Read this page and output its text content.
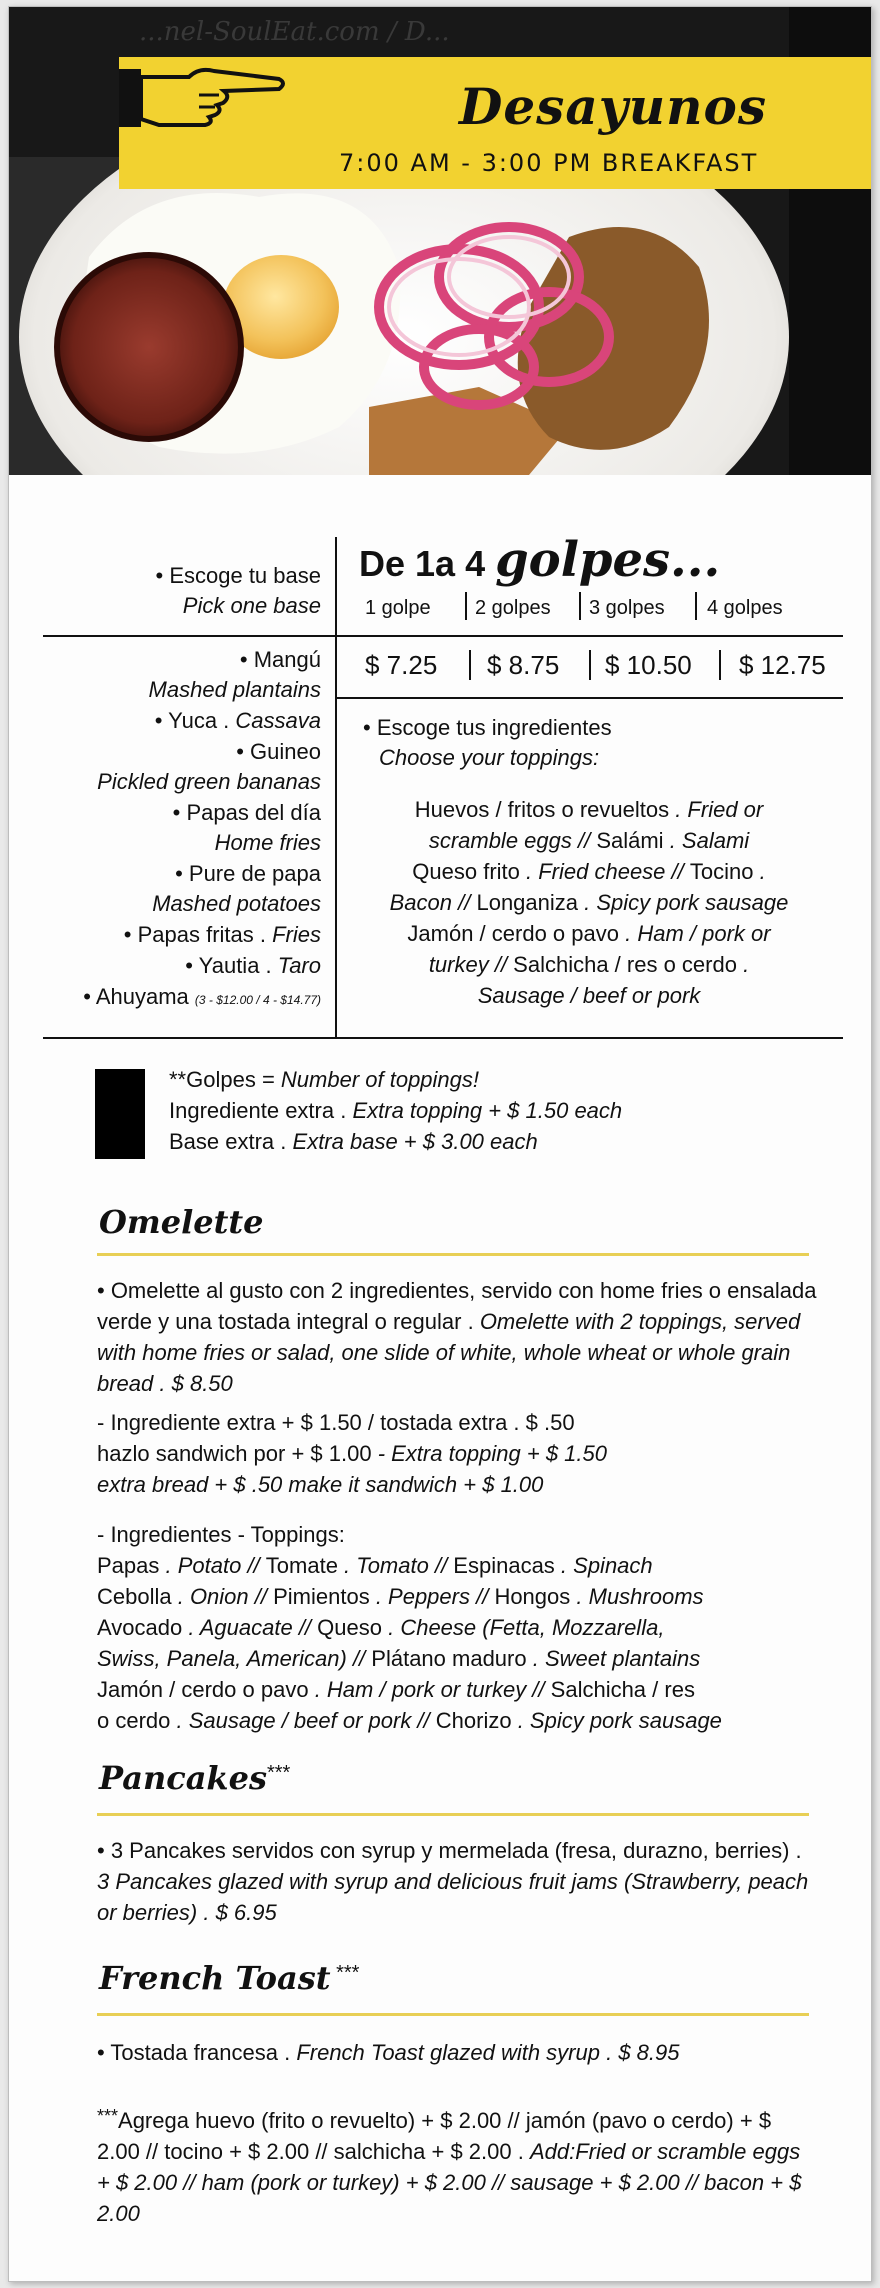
...nel-SoulEat.com / D...
Desayunos
7:00 AM - 3:00 PM BREAKFAST
• Escoge tu base
Pick one base
De 1a 4 golpes...
1 golpe 2 golpes 3 golpes 4 golpes
$ 7.25 $ 8.75 $ 10.50 $ 12.75
• Mangú
Mashed plantains
• Yuca . Cassava
• Guineo
Pickled green bananas
• Papas del día
Home fries
• Pure de papa
Mashed potatoes
• Papas fritas . Fries
• Yautia . Taro
• Ahuyama (3 - $12.00 / 4 - $14.77)
• Escoge tus ingredientes
Choose your toppings:
Huevos / fritos o revueltos . Fried or
scramble eggs // Salámi . Salami
Queso frito . Fried cheese // Tocino .
Bacon // Longaniza . Spicy pork sausage
Jamón / cerdo o pavo . Ham / pork or
turkey // Salchicha / res o cerdo .
Sausage / beef or pork
**Golpes = Number of toppings!
Ingrediente extra . Extra topping + $ 1.50 each
Base extra . Extra base + $ 3.00 each
Omelette
• Omelette al gusto con 2 ingredientes, servido con home fries o ensalada verde y una tostada integral o regular . Omelette with 2 toppings, served with home fries or salad, one slide of white, whole wheat or whole grain bread . $ 8.50
- Ingrediente extra + $ 1.50 / tostada extra . $ .50
hazlo sandwich por + $ 1.00 - Extra topping + $ 1.50
extra bread + $ .50 make it sandwich + $ 1.00
- Ingredientes - Toppings:
Papas . Potato // Tomate . Tomato // Espinacas . Spinach
Cebolla . Onion // Pimientos . Peppers // Hongos . Mushrooms
Avocado . Aguacate // Queso . Cheese (Fetta, Mozzarella,
Swiss, Panela, American) // Plátano maduro . Sweet plantains
Jamón / cerdo o pavo . Ham / pork or turkey // Salchicha / res
o cerdo . Sausage / beef or pork // Chorizo . Spicy pork sausage
Pancakes***
• 3 Pancakes servidos con syrup y mermelada (fresa, durazno, berries) . 3 Pancakes glazed with syrup and delicious fruit jams (Strawberry, peach or berries) . $ 6.95
French Toast ***
• Tostada francesa . French Toast glazed with syrup . $ 8.95
***Agrega huevo (frito o revuelto) + $ 2.00 // jamón (pavo o cerdo) + $ 2.00 // tocino + $ 2.00 // salchicha + $ 2.00 . Add:Fried or scramble eggs + $ 2.00 // ham (pork or turkey) + $ 2.00 // sausage + $ 2.00 // bacon + $ 2.00
